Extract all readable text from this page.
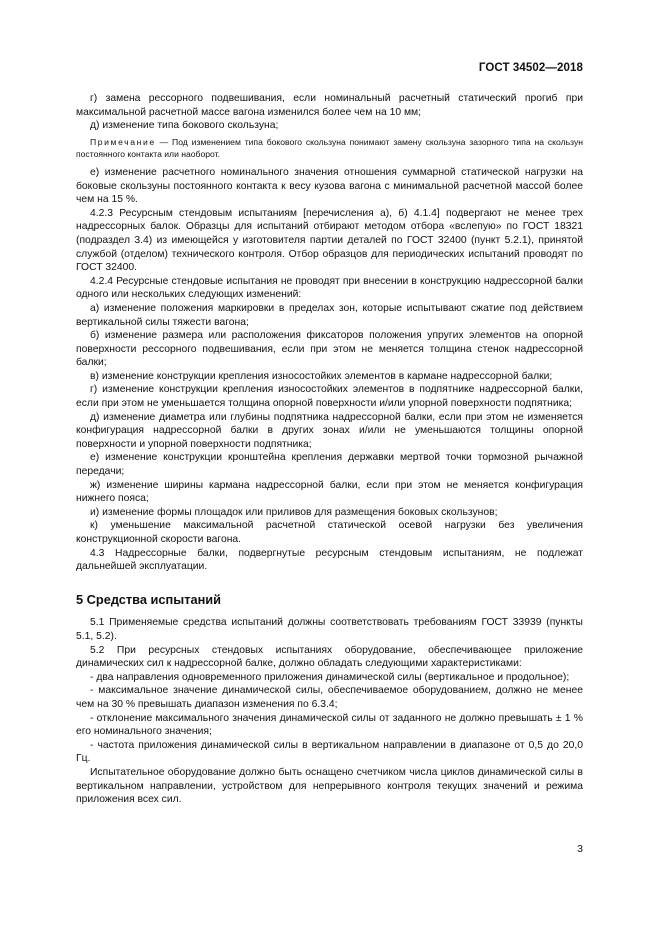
ГОСТ 34502—2018

г) замена рессорного подвешивания, если номинальный расчетный статический прогиб при максимальной расчетной массе вагона изменился более чем на 10 мм;

д) изменение типа бокового скользуна;

Примечание — Под изменением типа бокового скользуна понимают замену скользуна зазорного типа на скользун постоянного контакта или наоборот.

е) изменение расчетного номинального значения отношения суммарной статической нагрузки на боковые скользуны постоянного контакта к весу кузова вагона с минимальной расчетной массой более чем на 15 %.

4.2.3 Ресурсным стендовым испытаниям [перечисления а), б) 4.1.4] подвергают не менее трех надрессорных балок. Образцы для испытаний отбирают методом отбора «вслепую» по ГОСТ 18321 (подраздел 3.4) из имеющейся у изготовителя партии деталей по ГОСТ 32400 (пункт 5.2.1), принятой службой (отделом) технического контроля. Отбор образцов для периодических испытаний проводят по ГОСТ 32400.

4.2.4 Ресурсные стендовые испытания не проводят при внесении в конструкцию надрессорной балки одного или нескольких следующих изменений:

а) изменение положения маркировки в пределах зон, которые испытывают сжатие под действием вертикальной силы тяжести вагона;

б) изменение размера или расположения фиксаторов положения упругих элементов на опорной поверхности рессорного подвешивания, если при этом не меняется толщина стенок надрессорной балки;

в) изменение конструкции крепления износостойких элементов в кармане надрессорной балки;

г) изменение конструкции крепления износостойких элементов в подпятнике надрессорной балки, если при этом не уменьшается толщина опорной поверхности и/или упорной поверхности подпятника;

д) изменение диаметра или глубины подпятника надрессорной балки, если при этом не изменяется конфигурация надрессорной балки в других зонах и/или не уменьшаются толщины опорной поверхности и упорной поверхности подпятника;

е) изменение конструкции кронштейна крепления державки мертвой точки тормозной рычажной передачи;

ж) изменение ширины кармана надрессорной балки, если при этом не меняется конфигурация нижнего пояса;

и) изменение формы площадок или приливов для размещения боковых скользунов;

к) уменьшение максимальной расчетной статической осевой нагрузки без увеличения конструкционной скорости вагона.

4.3 Надрессорные балки, подвергнутые ресурсным стендовым испытаниям, не подлежат дальнейшей эксплуатации.

5 Средства испытаний

5.1 Применяемые средства испытаний должны соответствовать требованиям ГОСТ 33939 (пункты 5.1, 5.2).

5.2 При ресурсных стендовых испытаниях оборудование, обеспечивающее приложение динамических сил к надрессорной балке, должно обладать следующими характеристиками:

- два направления одновременного приложения динамической силы (вертикальное и продольное);

- максимальное значение динамической силы, обеспечиваемое оборудованием, должно не менее чем на 30 % превышать диапазон изменения по 6.3.4;

- отклонение максимального значения динамической силы от заданного не должно превышать ± 1 % его номинального значения;

- частота приложения динамической силы в вертикальном направлении в диапазоне от 0,5 до 20,0 Гц.

Испытательное оборудование должно быть оснащено счетчиком числа циклов динамической силы в вертикальном направлении, устройством для непрерывного контроля текущих значений и режима приложения всех сил.

3
